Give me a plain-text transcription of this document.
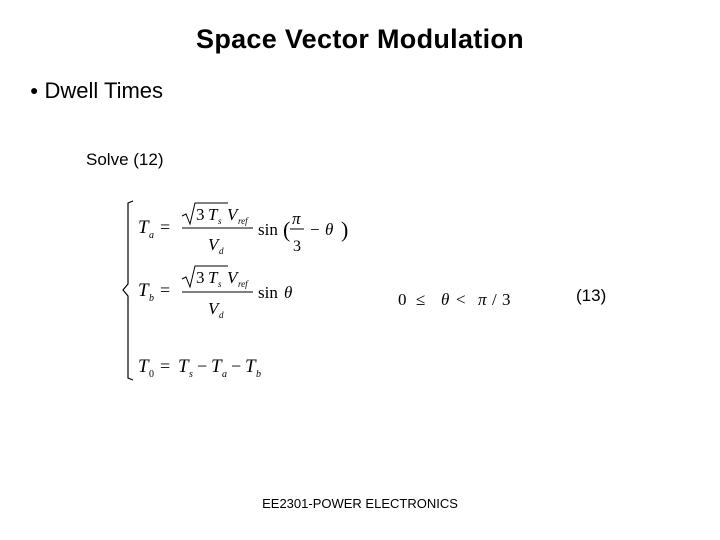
Space Vector Modulation
● Dwell Times
Solve (12)
T a =
3 T s V ref
V d
sin ( π
3
− θ )
T b =
3 T s V ref
V d
sin θ	0 ≤ θ < π / 3
T 0 = T s − T a − T b
(13)
EE2301-POWER ELECTRONICS
